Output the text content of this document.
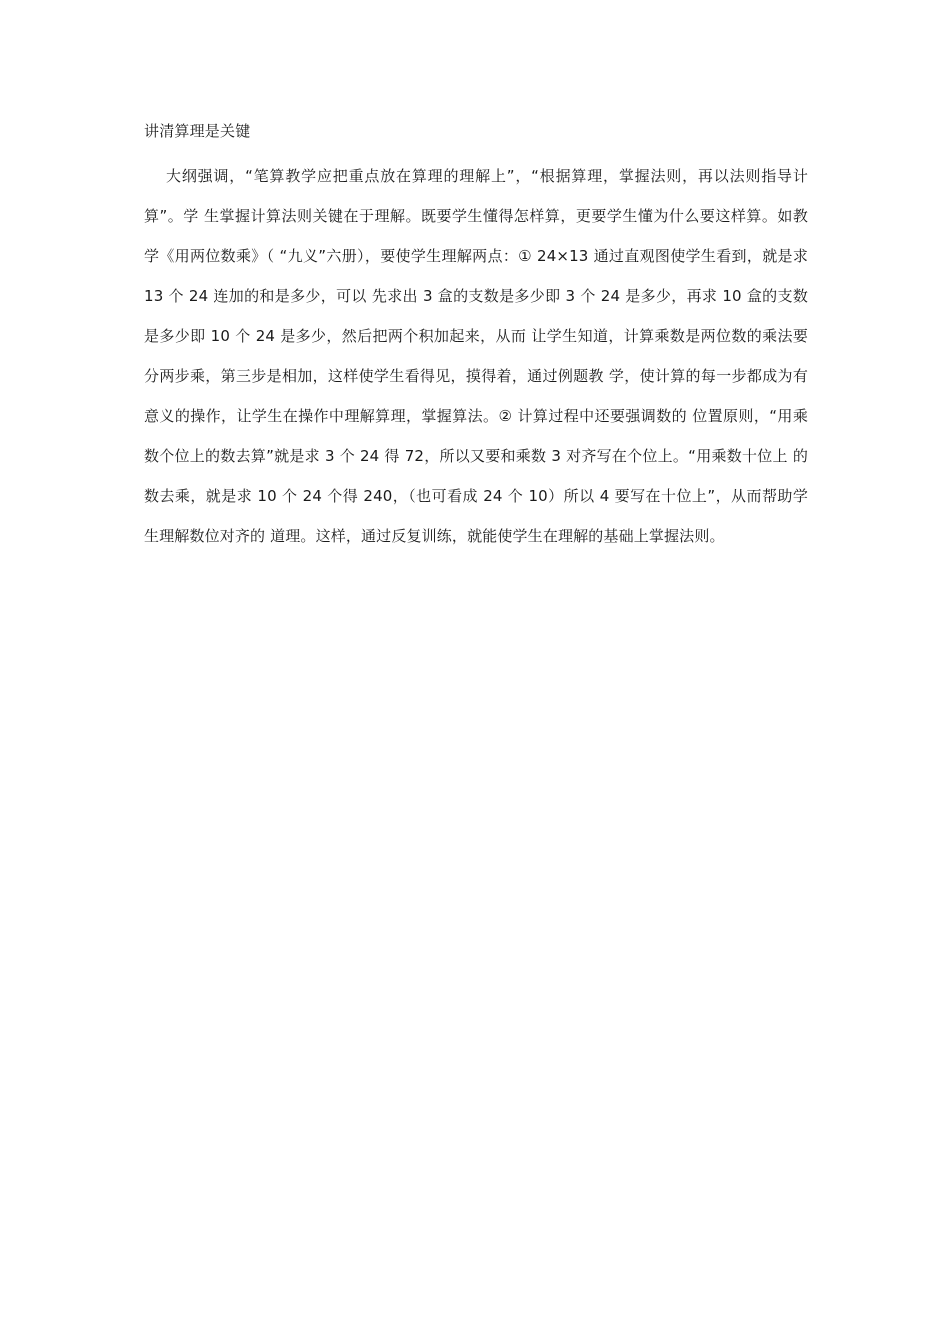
讲清算理是关键

大纲强调，“笔算教学应把重点放在算理的理解上”，“根据算理，掌握法则，再以法则指导计算”。学 生掌握计算法则关键在于理解。既要学生懂得怎样算，更要学生懂为什么要这样算。如教学《用两位数乘》（ “九义”六册），要使学生理解两点：① 24×13 通过直观图使学生看到，就是求 13 个 24 连加的和是多少，可以 先求出 3 盒的支数是多少即 3 个 24 是多少，再求 10 盒的支数是多少即 10 个 24 是多少，然后把两个积加起来，从而 让学生知道，计算乘数是两位数的乘法要分两步乘，第三步是相加，这样使学生看得见，摸得着，通过例题教 学，使计算的每一步都成为有意义的操作，让学生在操作中理解算理，掌握算法。② 计算过程中还要强调数的 位置原则，“用乘数个位上的数去算”就是求 3 个 24 得 72，所以又要和乘数 3 对齐写在个位上。“用乘数十位上 的数去乘，就是求 10 个 24 个得 240，（也可看成 24 个 10）所以 4 要写在十位上”，从而帮助学生理解数位对齐的 道理。这样，通过反复训练，就能使学生在理解的基础上掌握法则。
